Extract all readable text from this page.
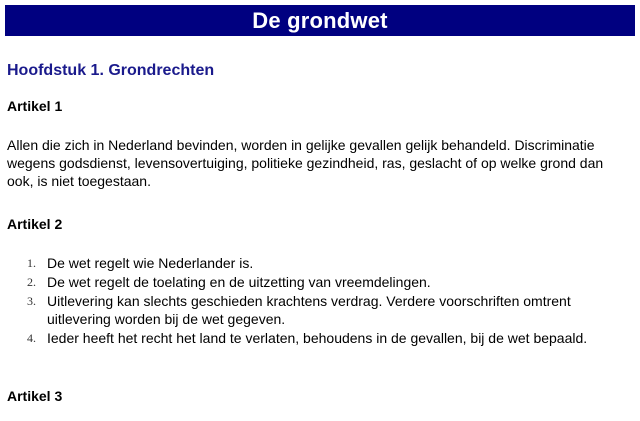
De grondwet
Hoofdstuk 1. Grondrechten
Artikel 1

Allen die zich in Nederland bevinden, worden in gelijke gevallen gelijk behandeld. Discriminatie wegens godsdienst, levensovertuiging, politieke gezindheid, ras, geslacht of op welke grond dan ook, is niet toegestaan.

Artikel 2
1. De wet regelt wie Nederlander is.
2. De wet regelt de toelating en de uitzetting van vreemdelingen.
3. Uitlevering kan slechts geschieden krachtens verdrag. Verdere voorschriften omtrent uitlevering worden bij de wet gegeven.
4. Ieder heeft het recht het land te verlaten, behoudens in de gevallen, bij de wet bepaald.
Artikel 3
